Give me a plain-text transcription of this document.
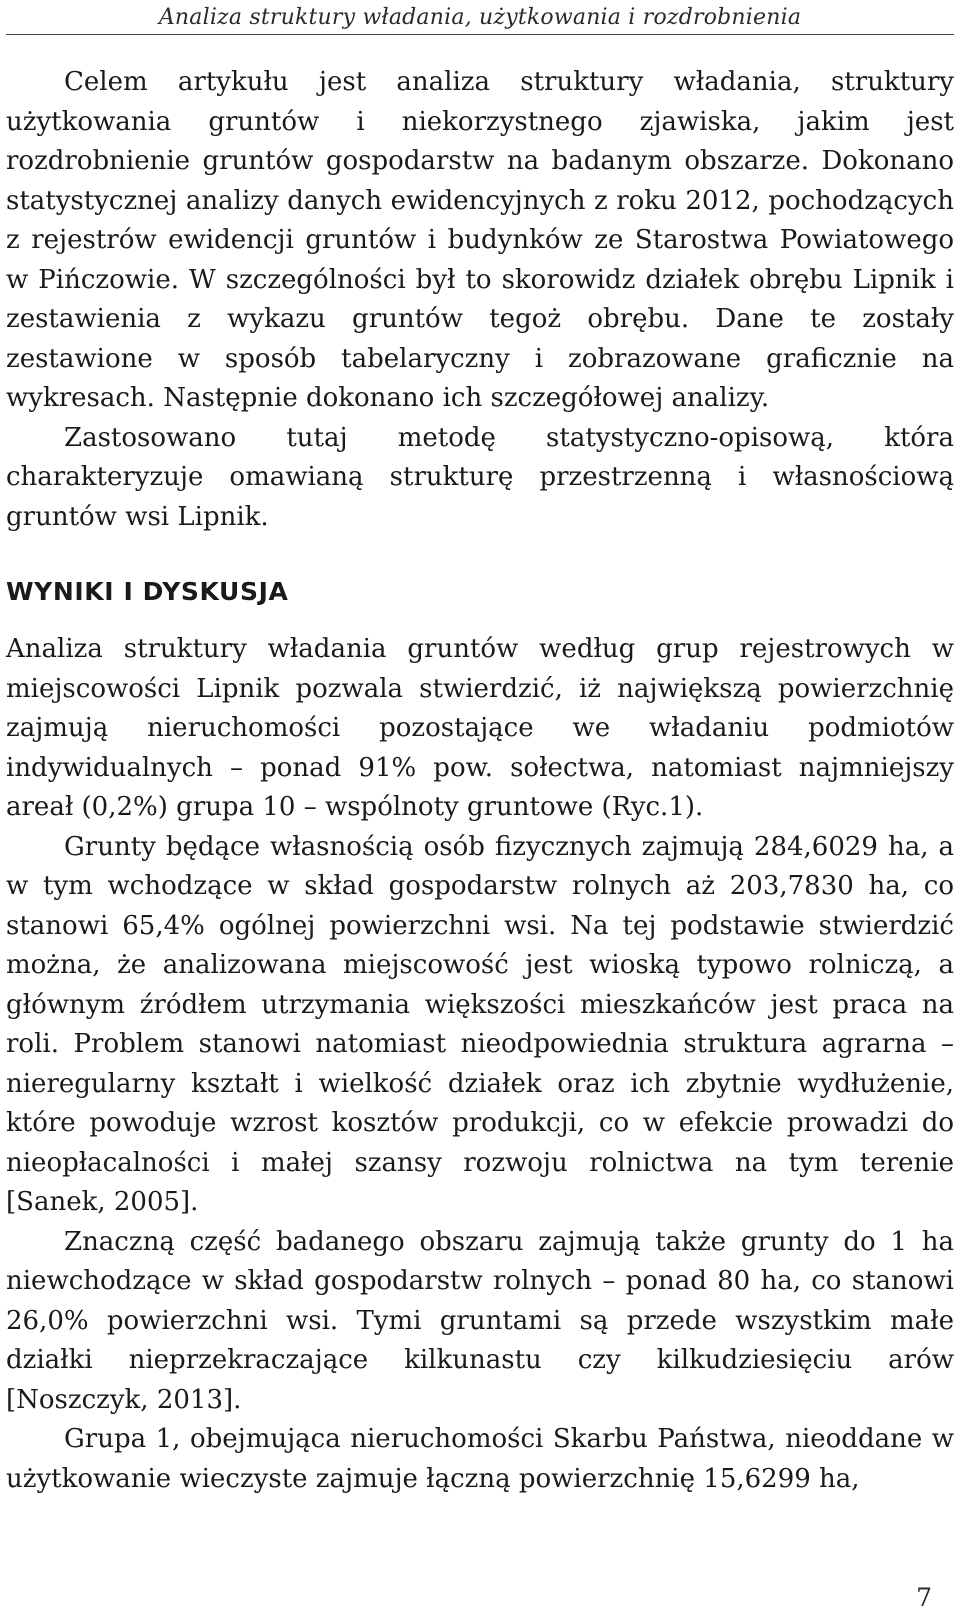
Analiza struktury władania, użytkowania i rozdrobnienia

Celem artykułu jest analiza struktury władania, struktury użytkowania gruntów i niekorzystnego zjawiska, jakim jest rozdrobnienie gruntów gospodarstw na badanym obszarze. Dokonano statystycznej analizy danych ewidencyjnych z roku 2012, pochodzących z rejestrów ewidencji gruntów i budynków ze Starostwa Powiatowego w Pińczowie. W szczególności był to skorowidz działek obrębu Lipnik i zestawienia z wykazu gruntów tegoż obrębu. Dane te zostały zestawione w sposób tabelaryczny i zobrazowane graficznie na wykresach. Następnie dokonano ich szczegółowej analizy.

Zastosowano tutaj metodę statystyczno-opisową, która charakteryzuje omawianą strukturę przestrzenną i własnościową gruntów wsi Lipnik.

WYNIKI I DYSKUSJA

Analiza struktury władania gruntów według grup rejestrowych w miejscowości Lipnik pozwala stwierdzić, iż największą powierzchnię zajmują nieruchomości pozostające we władaniu podmiotów indywidualnych – ponad 91% pow. sołectwa, natomiast najmniejszy areał (0,2%) grupa 10 – wspólnoty gruntowe (Ryc.1).

Grunty będące własnością osób fizycznych zajmują 284,6029 ha, a w tym wchodzące w skład gospodarstw rolnych aż 203,7830 ha, co stanowi 65,4% ogólnej powierzchni wsi. Na tej podstawie stwierdzić można, że analizowana miejscowość jest wioską typowo rolniczą, a głównym źródłem utrzymania większości mieszkańców jest praca na roli. Problem stanowi natomiast nieodpowiednia struktura agrarna – nieregularny kształt i wielkość działek oraz ich zbytnie wydłużenie, które powoduje wzrost kosztów produkcji, co w efekcie prowadzi do nieopłacalności i małej szansy rozwoju rolnictwa na tym terenie [Sanek, 2005].

Znaczną część badanego obszaru zajmują także grunty do 1 ha niewchodzące w skład gospodarstw rolnych – ponad 80 ha, co stanowi 26,0% powierzchni wsi. Tymi gruntami są przede wszystkim małe działki nieprzekraczające kilkunastu czy kilkudziesięciu arów [Noszczyk, 2013].

Grupa 1, obejmująca nieruchomości Skarbu Państwa, nieoddane w użytkowanie wieczyste zajmuje łączną powierzchnię 15,6299 ha,

7
